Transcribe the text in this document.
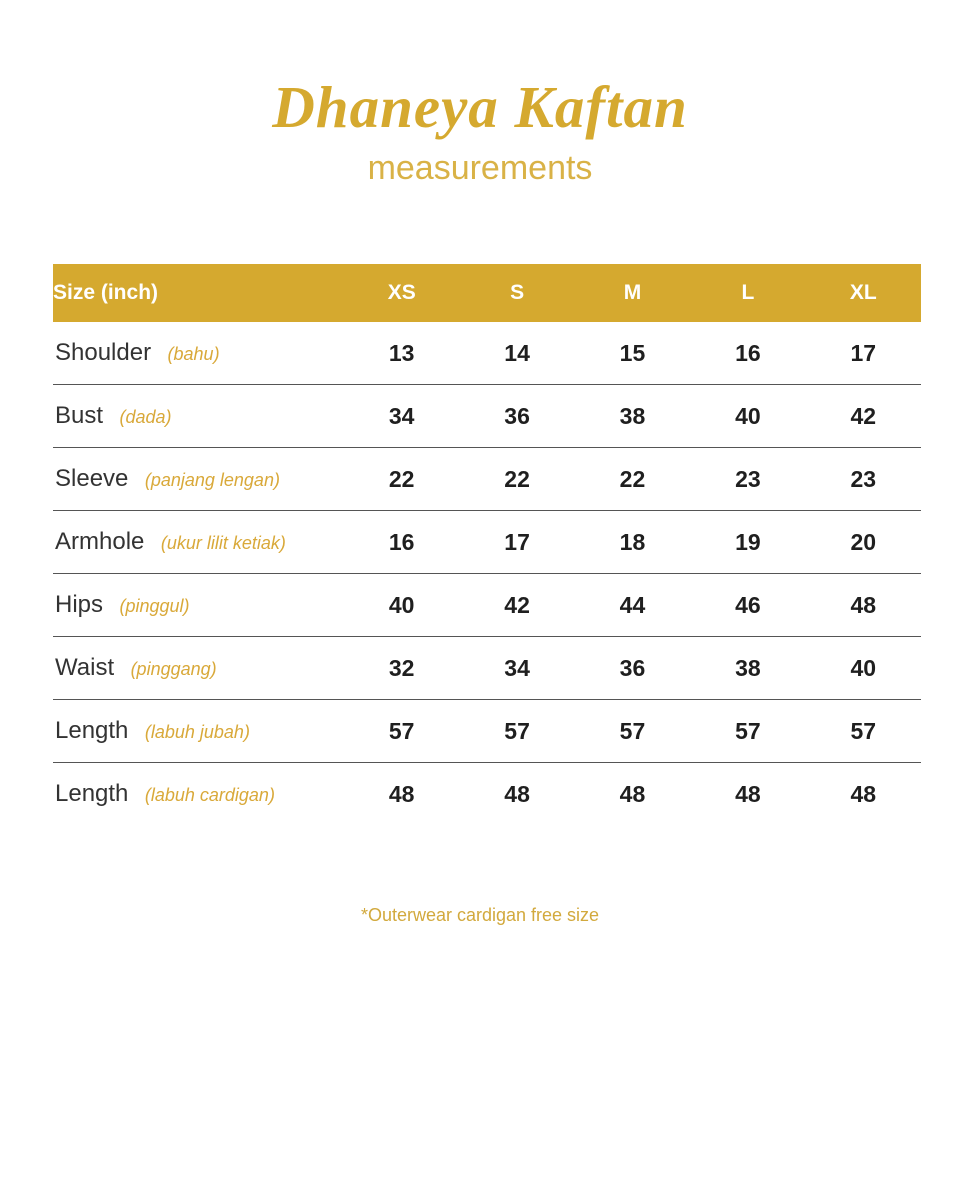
Dhaneya Kaftan

measurements

Size (inch)	XS	S	M	L	XL
Shoulder (bahu)	13	14	15	16	17
Bust (dada)	34	36	38	40	42
Sleeve (panjang lengan)	22	22	22	23	23
Armhole (ukur lilit ketiak)	16	17	18	19	20
Hips (pinggul)	40	42	44	46	48
Waist (pinggang)	32	34	36	38	40
Length (labuh jubah)	57	57	57	57	57
Length (labuh cardigan)	48	48	48	48	48
*Outerwear cardigan free size
